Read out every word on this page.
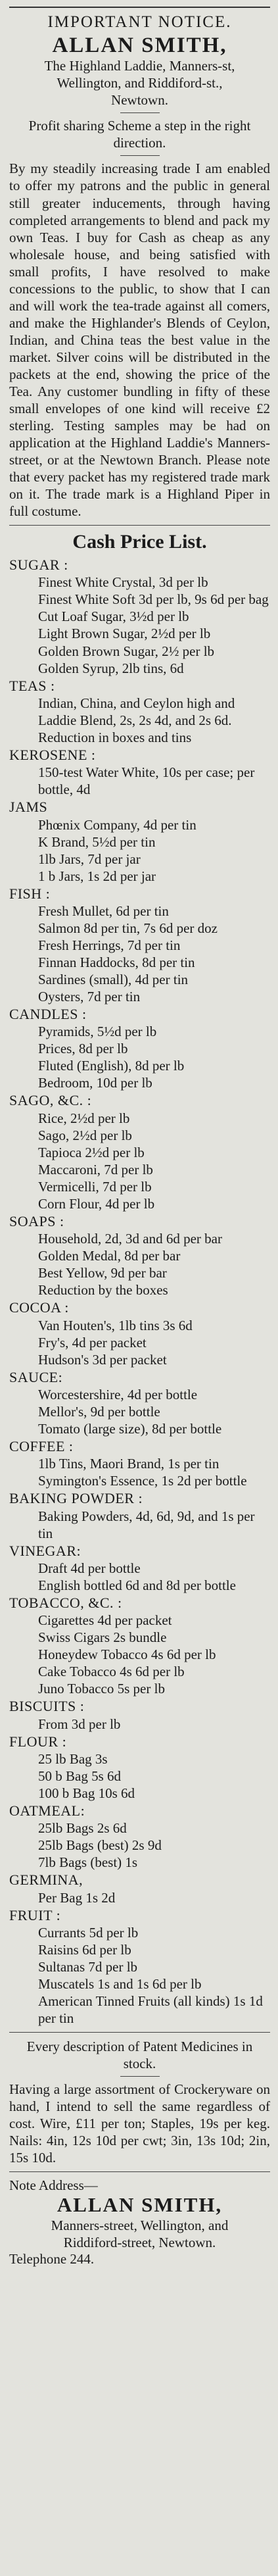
IMPORTANT NOTICE.
ALLAN SMITH,
The Highland Laddie, Manners-st,
Wellington, and Riddiford-st.,
Newtown.
Profit sharing Scheme a step in the right direction.
By my steadily increasing trade I am enabled to offer my patrons and the public in general still greater inducements, through having completed arrangements to blend and pack my own Teas. I buy for Cash as cheap as any wholesale house, and being satisfied with small profits, I have resolved to make concessions to the public, to show that I can and will work the tea-trade against all comers, and make the Highlander's Blends of Ceylon, Indian, and China teas the best value in the market. Silver coins will be distributed in the packets at the end, showing the price of the Tea. Any customer bundling in fifty of these small envelopes of one kind will receive £2 sterling. Testing samples may be had on application at the Highland Laddie's Manners-street, or at the Newtown Branch. Please note that every packet has my registered trade mark on it. The trade mark is a Highland Piper in full costume.
Cash Price List.
SUGAR :
Finest White Crystal, 3d per lb
Finest White Soft 3d per lb, 9s 6d per bag
Cut Loaf Sugar, 3½d per lb
Light Brown Sugar, 2½d per lb
Golden Brown Sugar, 2½ per lb
Golden Syrup, 2lb tins, 6d
TEAS :
Indian, China, and Ceylon high and Laddie Blend, 2s, 2s 4d, and 2s 6d. Reduction in boxes and tins
KEROSENE :
150-test Water White, 10s per case; per bottle, 4d
JAMS
Phœnix Company, 4d per tin
K Brand, 5½d per tin
1lb Jars, 7d per jar
1 b Jars, 1s 2d per jar
FISH :
Fresh Mullet, 6d per tin
Salmon 8d per tin, 7s 6d per doz
Fresh Herrings, 7d per tin
Finnan Haddocks, 8d per tin
Sardines (small), 4d per tin
Oysters, 7d per tin
CANDLES :
Pyramids, 5½d per lb
Prices, 8d per lb
Fluted (English), 8d per lb
Bedroom, 10d per lb
SAGO, &C. :
Rice, 2½d per lb
Sago, 2½d per lb
Tapioca 2½d per lb
Maccaroni, 7d per lb
Vermicelli, 7d per lb
Corn Flour, 4d per lb
SOAPS :
Household, 2d, 3d and 6d per bar
Golden Medal, 8d per bar
Best Yellow, 9d per bar
Reduction by the boxes
COCOA :
Van Houten's, 1lb tins 3s 6d
Fry's, 4d per packet
Hudson's 3d per packet
SAUCE:
Worcestershire, 4d per bottle
Mellor's, 9d per bottle
Tomato (large size), 8d per bottle
COFFEE :
1lb Tins, Maori Brand, 1s per tin
Symington's Essence, 1s 2d per bottle
BAKING POWDER :
Baking Powders, 4d, 6d, 9d, and 1s per tin
VINEGAR:
Draft 4d per bottle
English bottled 6d and 8d per bottle
TOBACCO, &C. :
Cigarettes 4d per packet
Swiss Cigars 2s bundle
Honeydew Tobacco 4s 6d per lb
Cake Tobacco 4s 6d per lb
Juno Tobacco 5s per lb
BISCUITS :
From 3d per lb
FLOUR :
25 lb Bag 3s
50 b Bag 5s 6d
100 b Bag 10s 6d
OATMEAL:
25lb Bags 2s 6d
25lb Bags (best) 2s 9d
7lb Bags (best) 1s
GERMINA,
Per Bag 1s 2d
FRUIT :
Currants 5d per lb
Raisins 6d per lb
Sultanas 7d per lb
Muscatels 1s and 1s 6d per lb
American Tinned Fruits (all kinds) 1s 1d per tin
Every description of Patent Medicines in stock.
Having a large assortment of Crockeryware on hand, I intend to sell the same regardless of cost. Wire, £11 per ton; Staples, 19s per keg. Nails: 4in, 12s 10d per cwt; 3in, 13s 10d; 2in, 15s 10d.
Note Address—
ALLAN SMITH,
Manners-street, Wellington, and
Riddiford-street, Newtown.
Telephone 244.
